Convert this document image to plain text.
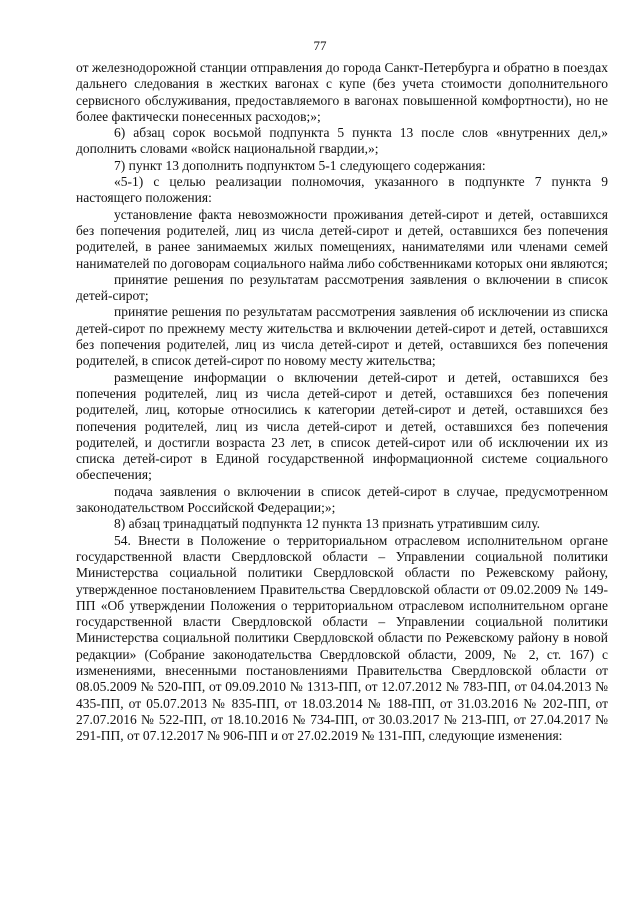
77

от железнодорожной станции отправления до города Санкт-Петербурга и обратно в поездах дальнего следования в жестких вагонах с купе (без учета стоимости дополнительного сервисного обслуживания, предоставляемого в вагонах повышенной комфортности), но не более фактически понесенных расходов;»;

6) абзац сорок восьмой подпункта 5 пункта 13 после слов «внутренних дел,» дополнить словами «войск национальной гвардии,»;

7) пункт 13 дополнить подпунктом 5-1 следующего содержания:

«5-1) с целью реализации полномочия, указанного в подпункте 7 пункта 9 настоящего положения:

установление факта невозможности проживания детей-сирот и детей, оставшихся без попечения родителей, лиц из числа детей-сирот и детей, оставшихся без попечения родителей, в ранее занимаемых жилых помещениях, нанимателями или членами семей нанимателей по договорам социального найма либо собственниками которых они являются;

принятие решения по результатам рассмотрения заявления о включении в список детей-сирот;

принятие решения по результатам рассмотрения заявления об исключении из списка детей-сирот по прежнему месту жительства и включении детей-сирот и детей, оставшихся без попечения родителей, лиц из числа детей-сирот и детей, оставшихся без попечения родителей, в список детей-сирот по новому месту жительства;

размещение информации о включении детей-сирот и детей, оставшихся без попечения родителей, лиц из числа детей-сирот и детей, оставшихся без попечения родителей, лиц, которые относились к категории детей-сирот и детей, оставшихся без попечения родителей, лиц из числа детей-сирот и детей, оставшихся без попечения родителей, и достигли возраста 23 лет, в список детей-сирот или об исключении их из списка детей-сирот в Единой государственной информационной системе социального обеспечения;

подача заявления о включении в список детей-сирот в случае, предусмотренном законодательством Российской Федерации;»;

8) абзац тринадцатый подпункта 12 пункта 13 признать утратившим силу.

54. Внести в Положение о территориальном отраслевом исполнительном органе государственной власти Свердловской области – Управлении социальной политики Министерства социальной политики Свердловской области по Режевскому району, утвержденное постановлением Правительства Свердловской области от 09.02.2009 № 149-ПП «Об утверждении Положения о территориальном отраслевом исполнительном органе государственной власти Свердловской области – Управлении социальной политики Министерства социальной политики Свердловской области по Режевскому району в новой редакции» (Собрание законодательства Свердловской области, 2009, № 2, ст. 167) с изменениями, внесенными постановлениями Правительства Свердловской области от 08.05.2009 № 520-ПП, от 09.09.2010 № 1313-ПП, от 12.07.2012 № 783-ПП, от 04.04.2013 № 435-ПП, от 05.07.2013 № 835-ПП, от 18.03.2014 № 188-ПП, от 31.03.2016 № 202-ПП, от 27.07.2016 № 522-ПП, от 18.10.2016 № 734-ПП, от 30.03.2017 № 213-ПП, от 27.04.2017 № 291-ПП, от 07.12.2017 № 906-ПП и от 27.02.2019 № 131-ПП, следующие изменения:
